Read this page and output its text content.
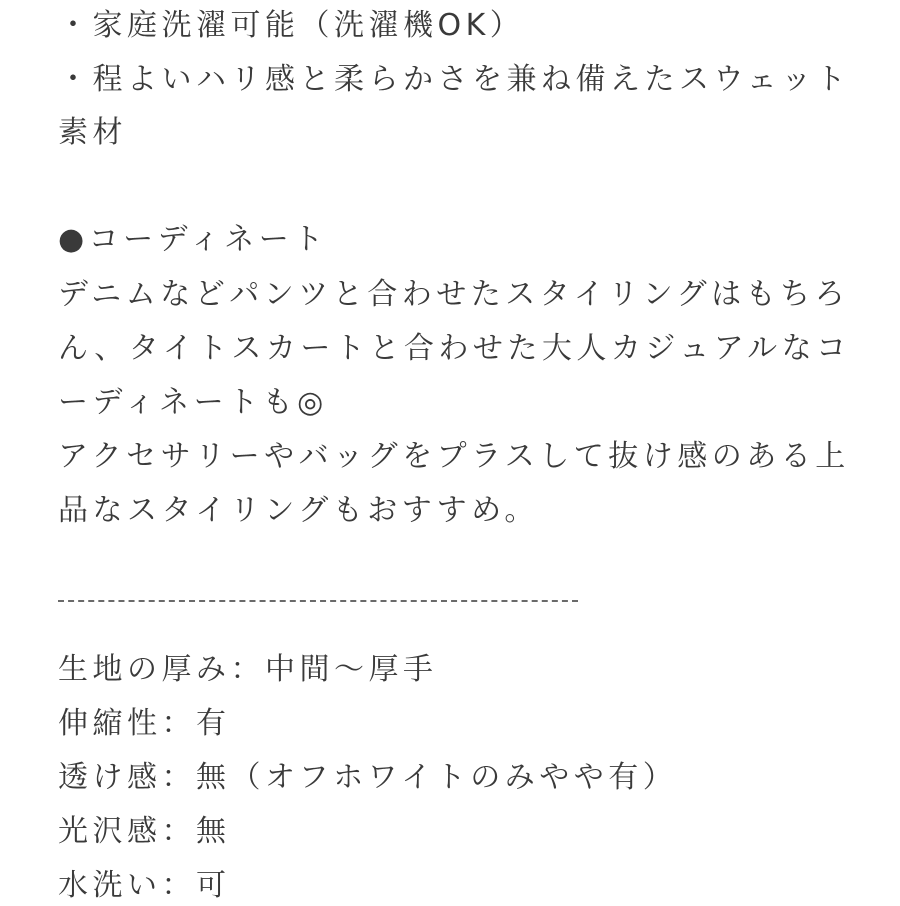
・家庭洗濯可能（洗濯機OK）
・程よいハリ感と柔らかさを兼ね備えたスウェット
素材
●コーディネート
デニムなどパンツと合わせたスタイリングはもちろ
ん、タイトスカートと合わせた大人カジュアルなコ
ーディネートも◎
アクセサリーやバッグをプラスして抜け感のある上
品なスタイリングもおすすめ。
生地の厚み：中間〜厚手
伸縮性：有
透け感：無（オフホワイトのみやや有）
光沢感：無
水洗い：可
